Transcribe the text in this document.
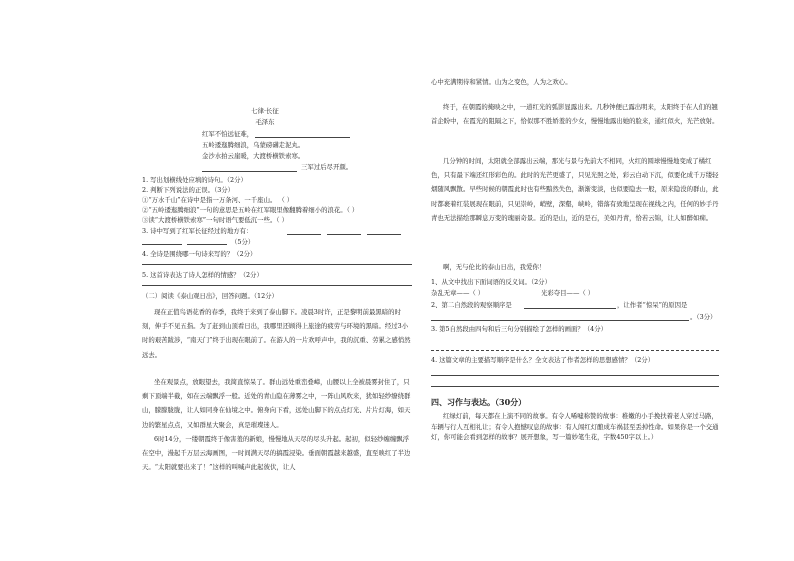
七律·长征
毛泽东
红军不怕远征难，
五岭逶迤腾细浪，乌蒙磅礴走泥丸。
金沙水拍云崖暖，大渡桥横铁索寒。
三军过后尽开颜。
1. 写出划横线处应填的诗句。（2分）
2. 判断下列说法的正误。（3分）
①“万水千山”在诗中是指一万条河、一千座山。 （ ）
②“五岭逶迤腾细浪”一句的意思是五岭在红军眼里像翻腾着细小的浪花。（ ）
③读“大渡桥横铁索寒”一句时语气要低沉一些。（ ）
3. 诗中写到了红军长征经过的地方有：
（5分）
4. 全诗是围绕哪一句诗来写的？（2分）
5. 这首诗表达了诗人怎样的情感？（2分）
（二）阅读《泰山观日出》，回答问题。（12分）
现在正值鸟语花香的春季，我终于来到了泰山脚下。凌晨3时许，正是黎明前最黑暗的时刻，伸手不见五指。为了赶到山顶看日出，我哪里还顾得上旅途的疲劳与环境的黑暗。经过3小时的艰苦跋涉，“南天门”终于出现在眼前了。在游人的一片欢呼声中，我的沉重、劳累之感悄然远去。
坐在观景点，放眼望去，我简直惊呆了。群山远处重峦叠嶂，山腰以上全被晨雾封住了，只剩下顶端半截，如在云端飘浮一般。近处的青山隐在薄雾之中，一阵山风吹来，犹如轻纱缭绕群山，朦朦胧胧，让人如同身在仙境之中。俯身向下看，远处山脚下的点点灯光、片片灯海，如天边的繁星点点，又如群星大聚会，真是璀璨迷人。
6时14分，一缕朝霞终于像害羞的新娘，慢慢地从天尽的尽头升起。起初，似轻纱缠缠飘浮在空中，漫起千万层云海画图，一时间满天尽的搞霞浸染。垂面朝霞越来越盛，直至映红了半边天。“太阳就要出来了！”这样的叫喊声此起彼伏，让人
心中充满期待和紧情。山为之变色，人为之欢心。
终于，在朝霞的掩映之中，一道红光的弧影显露出来。几秒钟便已露出明来，太阳终于在人们的翘首企盼中，在霞光的阻隔之下，恰似那不胜娇羞的少女，慢慢地露出她的脸来，通红似火，光芒放射。
几分钟的时间，太阳就全部露出云端，那光与景与先前大不相同，火红的圆球慢慢地变成了橘红色，只有最下端还红形彩色的。此时的光芒更盛了，只见光照之处，彩云白动下沉，似要化成千万缕轻烟随风飘散。早些时候的朝霞此时也有些黯然失色，渐渐变淡，也似要隐去一般，原来隐没的群山，此时都裹着红装展现在眼前，只见崇岭，峭壁，深壑，峡岭，错落有致地呈现在视线之内，任何的妙手丹青也无法描绘那瞬息万变的瑰丽奇景。近的是山，近的是石，美如丹青，恰若云锦，让人如醉如痴。
啊，无与伦比的泰山日出，我爱你！
1、从文中找出下面词语的反义词。（2分）
杂乱无章——（ ）	光彩夺目——（ ）
2、第二自然段的观察顺序是	，让作者“惊呆”的原因是
。（3分）
3. 第5自然段由四句和后三句分别描绘了怎样的画面？（4分）
4. 这篇文章的主要描写顺序是什么？全文表达了作者怎样的思想感情？（2分）
四、习作与表达。（30分）
红绿灯前，每天都在上演不同的故事。有令人唏嘘称赞的故事：稚嫩的小手挽扶着老人穿过马路，车辆与行人互相礼让；有令人抱憾叹息的故事：有人闯红灯酿成车祸甚至丢掉性命。如果你是一个交通灯，你可能会看到怎样的故事？展开想象，写一篇妙笔生花，字数450字以上。）
